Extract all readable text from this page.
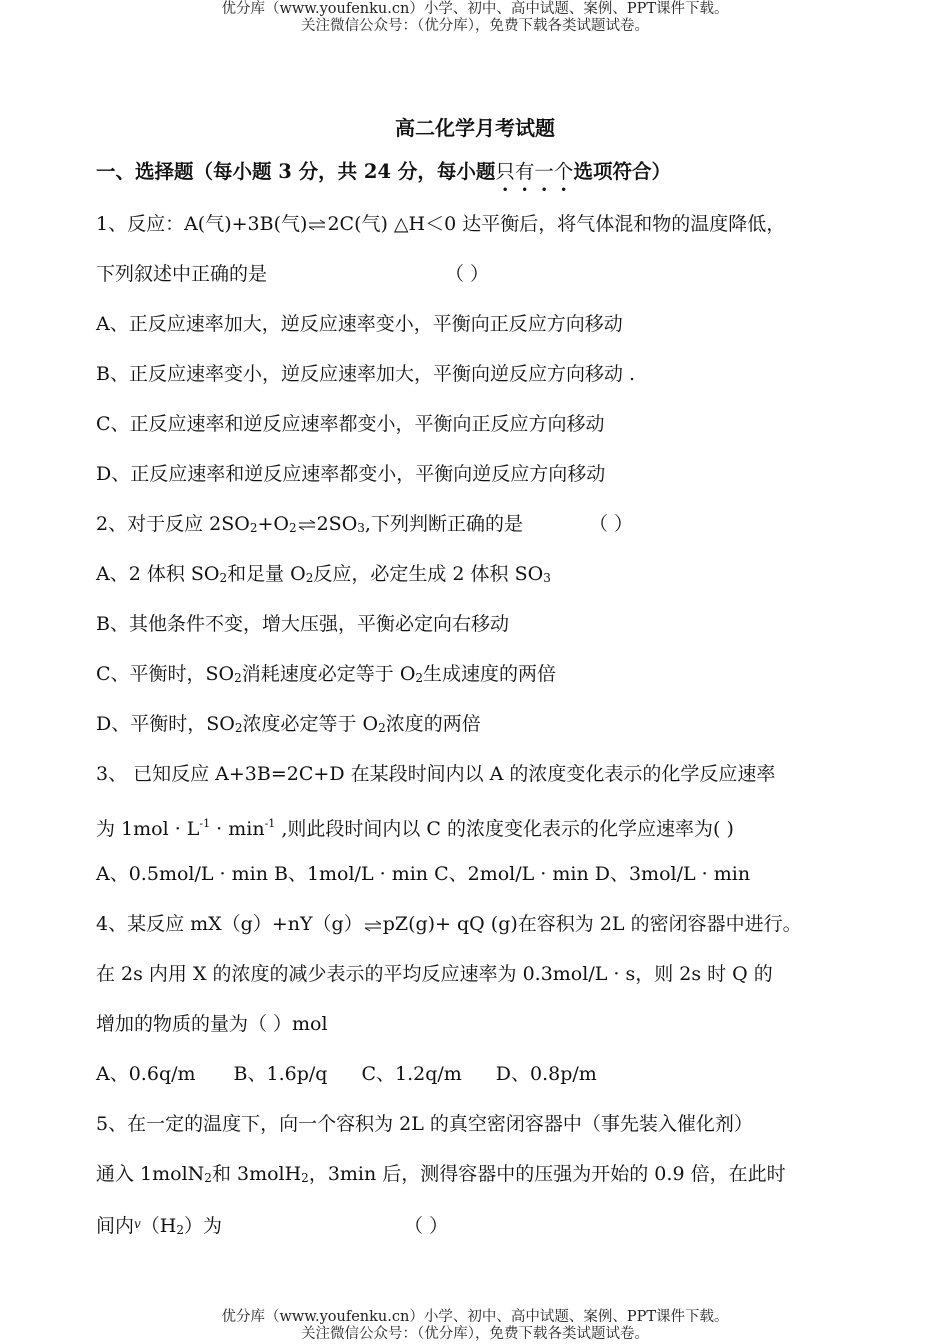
优分库（www.youfenku.cn）小学、初中、高中试题、案例、PPT课件下载。
关注微信公众号：（优分库），免费下载各类试题试卷。
高二化学月考试题
一、选择题（每小题 3 分，共 24 分，每小题只有一个选项符合）
1、反应：A(气)+3B(气)⇌2C(气) △H＜0 达平衡后，将气体混和物的温度降低，
下列叙述中正确的是	（ ）
A、正反应速率加大，逆反应速率变小，平衡向正反应方向移动
B、正反应速率变小，逆反应速率加大，平衡向逆反应方向移动 .
C、正反应速率和逆反应速率都变小，平衡向正反应方向移动
D、正反应速率和逆反应速率都变小，平衡向逆反应方向移动
2、对于反应 $2SO_2+O_2\rightleftharpoons 2SO_3$,下列判断正确的是	（ ）
A、2 体积 $SO_2$和足量 $O_2$反应，必定生成 2 体积 $SO_3$
B、其他条件不变，增大压强，平衡必定向右移动
C、平衡时，$SO_2$消耗速度必定等于 $O_2$生成速度的两倍
D、平衡时，$SO_2$浓度必定等于 $O_2$浓度的两倍
3、 已知反应 A+3B=2C+D 在某段时间内以 A 的浓度变化表示的化学反应速率
为 $1mol \cdot L^{-1} \cdot \min^{-1}$ ,则此段时间内以 C 的浓度变化表示的化学应速率为( )
A、0.5mol/L · min B、1mol/L · min C、2mol/L · min D、3mol/L · min
4、某反应 mX（g）+nY（g）⇌pZ(g)+ qQ (g)在容积为 2L 的密闭容器中进行。
在 2s 内用 X 的浓度的减少表示的平均反应速率为 0.3mol/L · s，则 2s 时 Q 的
增加的物质的量为（ ）mol
A、0.6q/m B、1.6p/q C、1.2q/m D、0.8p/m
5、在一定的温度下，向一个容积为 2L 的真空密闭容器中（事先装入催化剂）
通入 1molN$_2$和 3molH$_2$，3min 后，测得容器中的压强为开始的 0.9 倍，在此时
间内$^v(H_2)$为	（ ）
优分库（www.youfenku.cn）小学、初中、高中试题、案例、PPT课件下载。
关注微信公众号：（优分库），免费下载各类试题试卷。
